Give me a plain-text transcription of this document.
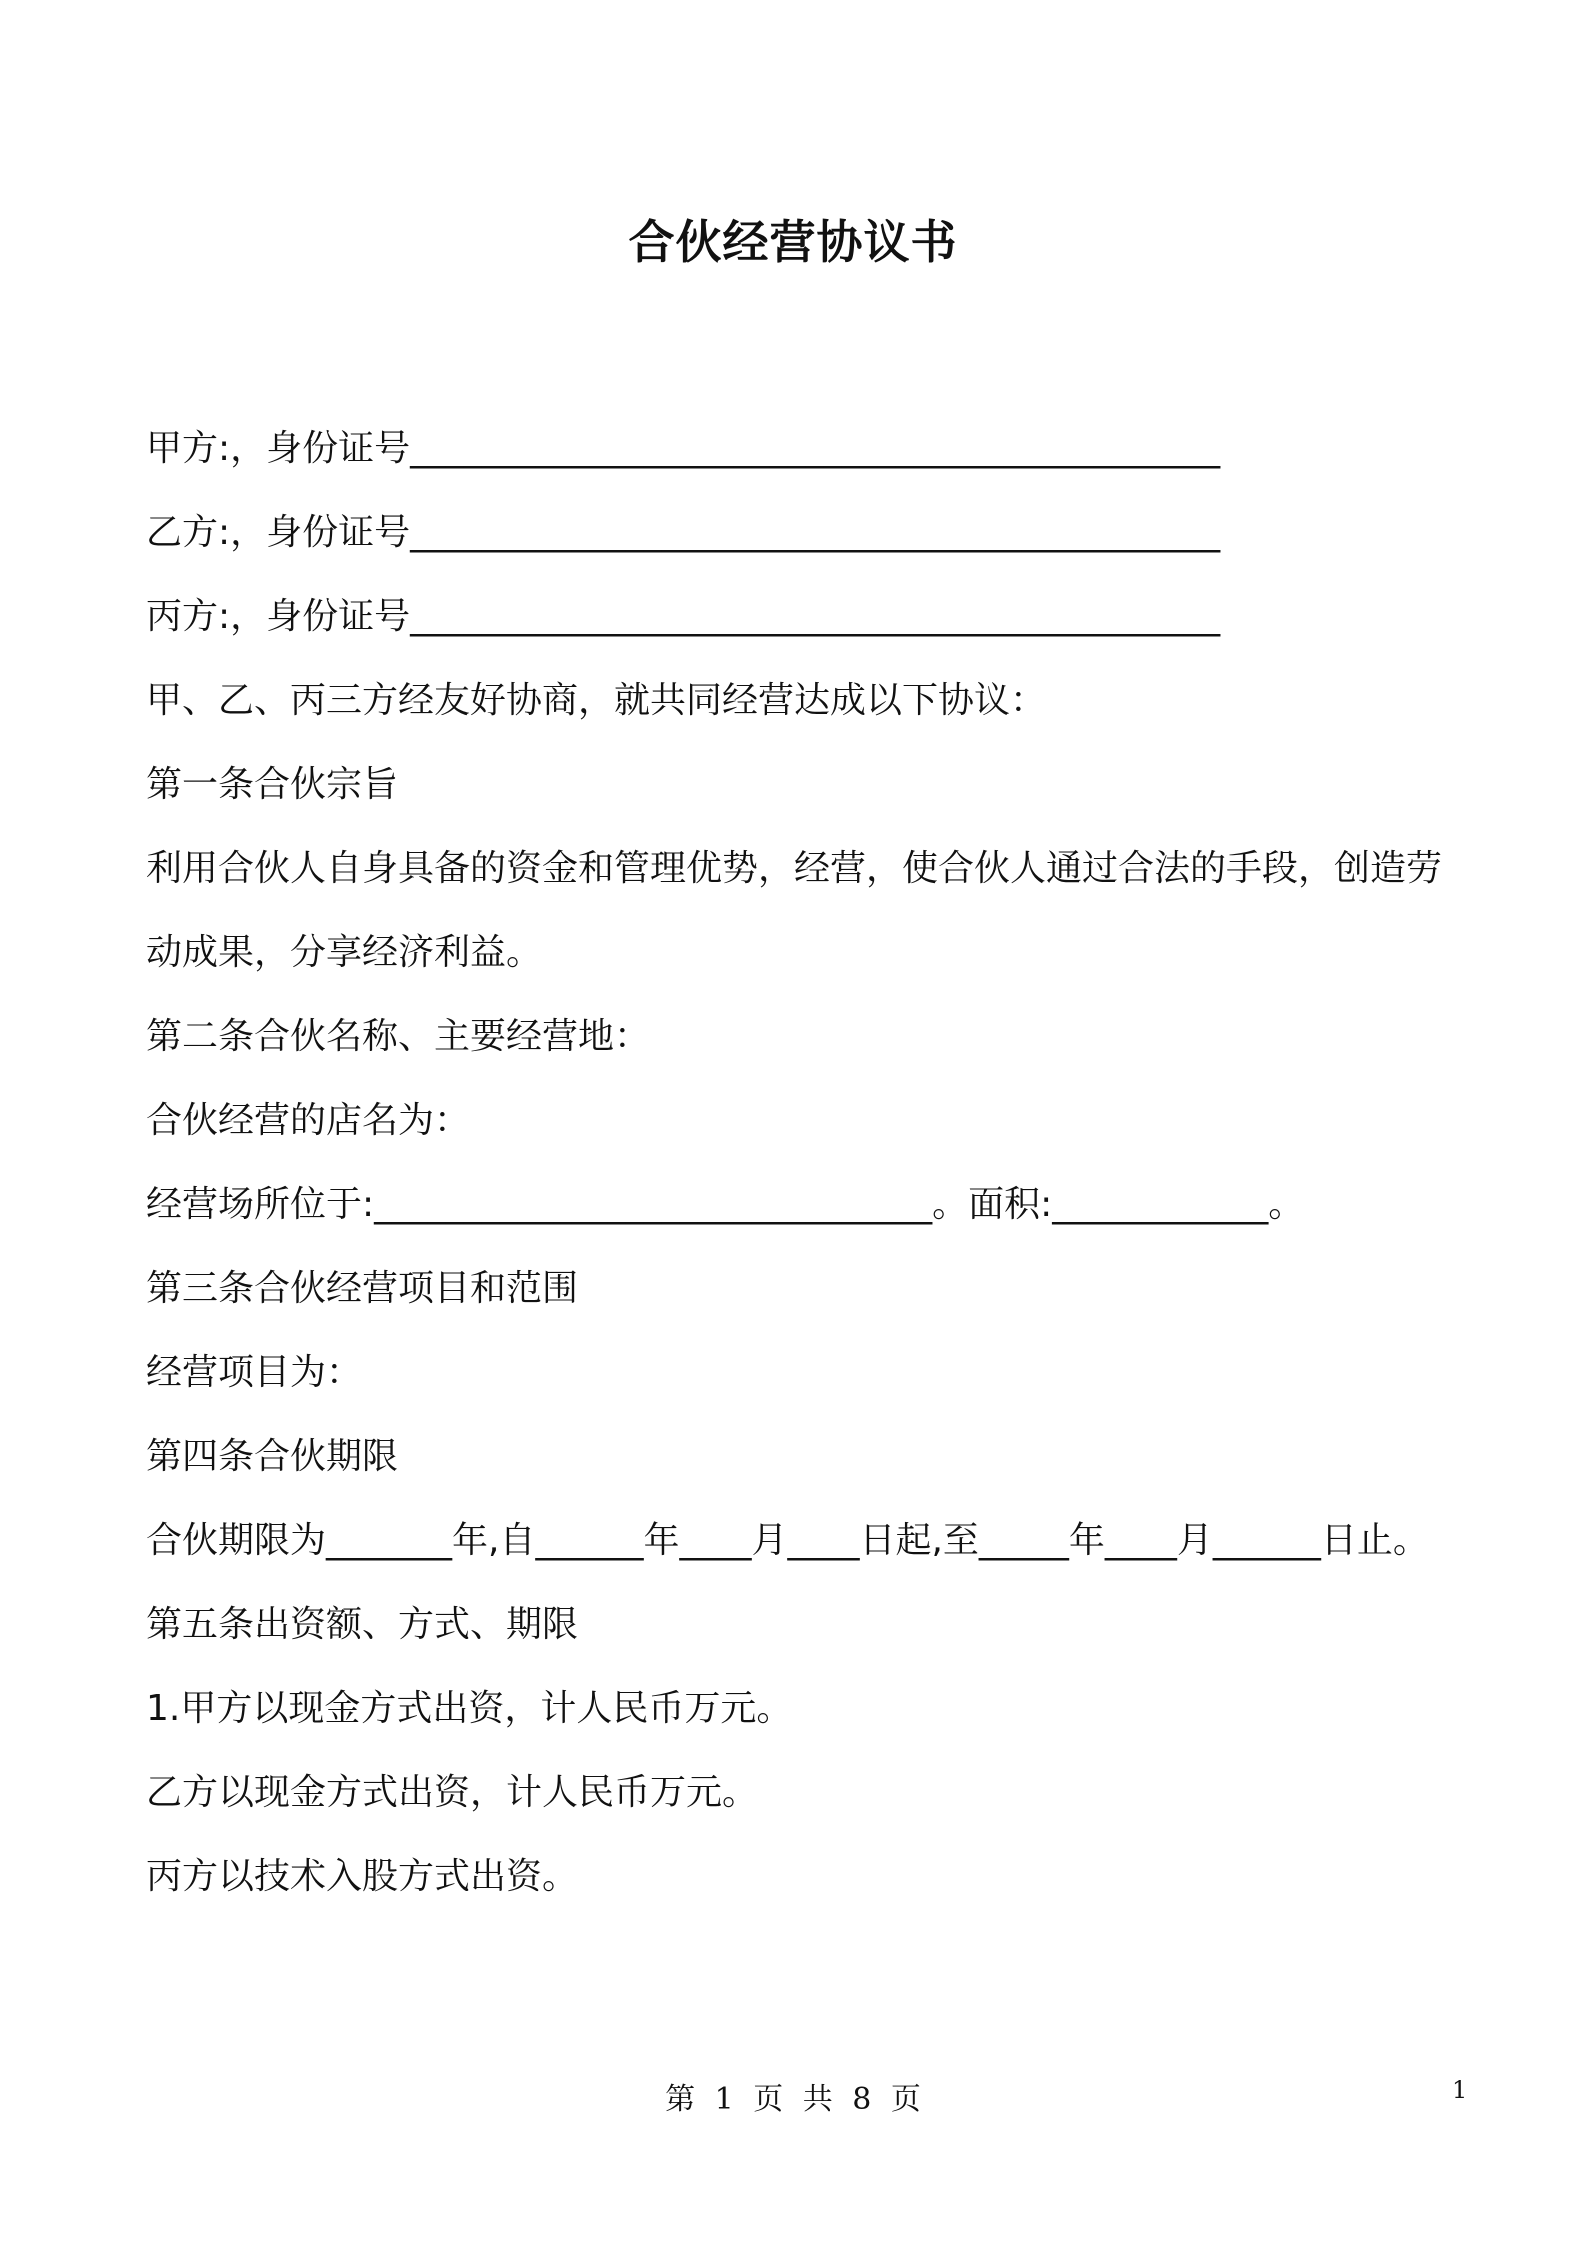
合伙经营协议书
甲方:，身份证号_____________________________________________
乙方:，身份证号_____________________________________________
丙方:，身份证号_____________________________________________
甲、乙、丙三方经友好协商，就共同经营达成以下协议：
第一条合伙宗旨
利用合伙人自身具备的资金和管理优势，经营，使合伙人通过合法的手段，创造劳动成果，分享经济利益。
第二条合伙名称、主要经营地：
合伙经营的店名为：
经营场所位于:_______________________________。面积:____________。
第三条合伙经营项目和范围
经营项目为：
第四条合伙期限
合伙期限为_______年,自______年____月____日起,至_____年____月______日止。
第五条出资额、方式、期限
1.甲方以现金方式出资，计人民币万元。
乙方以现金方式出资，计人民币万元。
丙方以技术入股方式出资。
第 1 页 共 8 页	1
